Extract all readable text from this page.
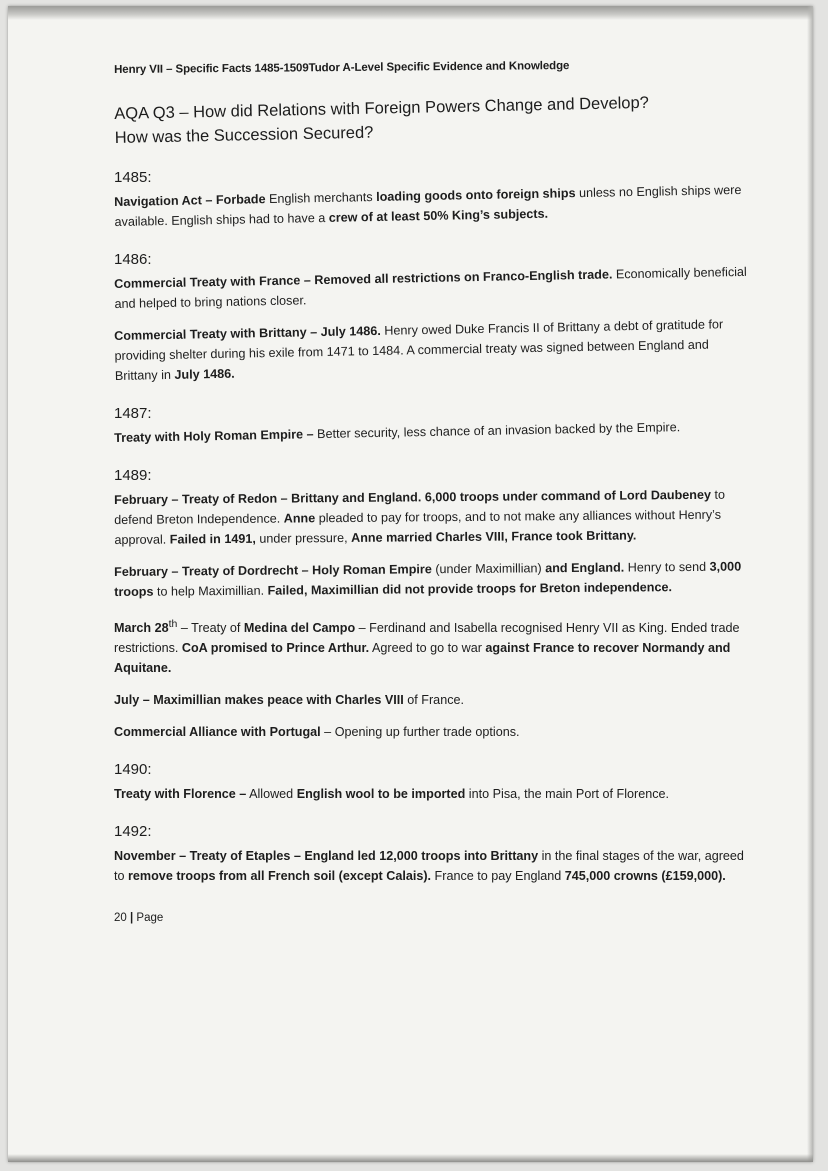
Henry VII – Specific Facts 1485-1509Tudor A-Level Specific Evidence and Knowledge

AQA Q3 – How did Relations with Foreign Powers Change and Develop?
How was the Succession Secured?
1485:

Navigation Act – Forbade English merchants loading goods onto foreign ships unless no English ships were available. English ships had to have a crew of at least 50% King’s subjects.

1486:

Commercial Treaty with France – Removed all restrictions on Franco-English trade. Economically beneficial and helped to bring nations closer.

Commercial Treaty with Brittany – July 1486. Henry owed Duke Francis II of Brittany a debt of gratitude for providing shelter during his exile from 1471 to 1484. A commercial treaty was signed between England and Brittany in July 1486.

1487:

Treaty with Holy Roman Empire – Better security, less chance of an invasion backed by the Empire.

1489:

February – Treaty of Redon – Brittany and England. 6,000 troops under command of Lord Daubeney to defend Breton Independence. Anne pleaded to pay for troops, and to not make any alliances without Henry’s approval. Failed in 1491, under pressure, Anne married Charles VIII, France took Brittany.

February – Treaty of Dordrecht – Holy Roman Empire (under Maximillian) and England. Henry to send 3,000 troops to help Maximillian. Failed, Maximillian did not provide troops for Breton independence.

March 28th – Treaty of Medina del Campo – Ferdinand and Isabella recognised Henry VII as King. Ended trade restrictions. CoA promised to Prince Arthur. Agreed to go to war against France to recover Normandy and Aquitane.

July – Maximillian makes peace with Charles VIII of France.

Commercial Alliance with Portugal – Opening up further trade options.

1490:

Treaty with Florence – Allowed English wool to be imported into Pisa, the main Port of Florence.

1492:

November – Treaty of Etaples – England led 12,000 troops into Brittany in the final stages of the war, agreed to remove troops from all French soil (except Calais). France to pay England 745,000 crowns (£159,000).

20 | Page
